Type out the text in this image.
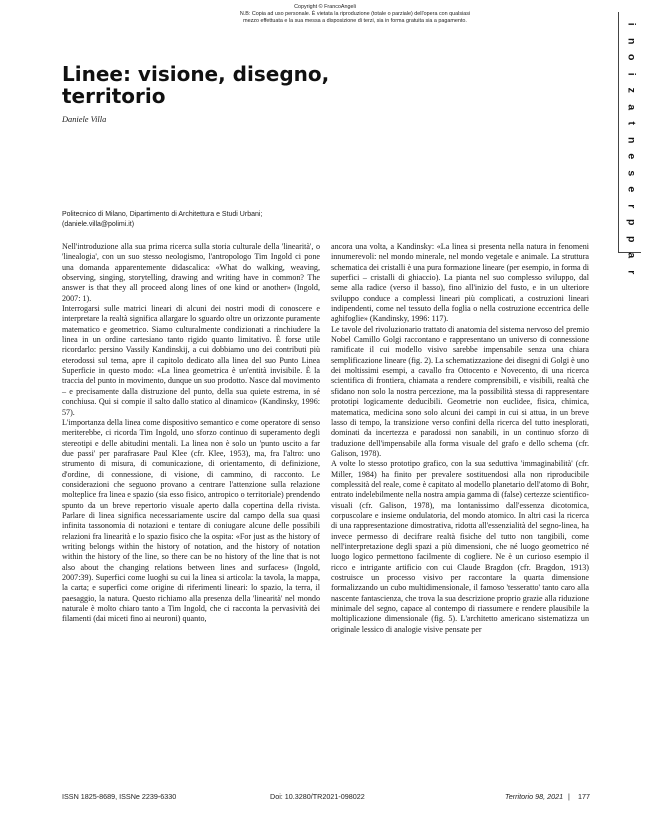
Copyright © FrancoAngeli
N.B: Copia ad uso personale. È vietata la riproduzione (totale o parziale) dell'opera con qualsiasi
mezzo effettuata e la sua messa a disposizione di terzi, sia in forma gratuita sia a pagamento.
i
n
o
i
z
a
t
n
e
s
e
r
p
p
a
r
Linee: visione, disegno, territorio
Daniele Villa
Politecnico di Milano, Dipartimento di Architettura e Studi Urbani;
(daniele.villa@polimi.it)

Nell'introduzione alla sua prima ricerca sulla storia culturale della 'linearità', o 'linealogia', con un suo stesso neologismo, l'antropologo Tim Ingold ci pone una domanda apparentemente didascalica: «What do walking, weaving, observing, singing, storytelling, drawing and writing have in common? The answer is that they all proceed along lines of one kind or another» (Ingold, 2007: 1).

Interrogarsi sulle matrici lineari di alcuni dei nostri modi di conoscere e interpretare la realtà significa allargare lo sguardo oltre un orizzonte puramente matematico e geometrico. Siamo culturalmente condizionati a rinchiudere la linea in un ordine cartesiano tanto rigido quanto limitativo. È forse utile ricordarlo: persino Vassily Kandinskij, a cui dobbiamo uno dei contributi più eterodossi sul tema, apre il capitolo dedicato alla linea del suo Punto Linea Superficie in questo modo: «La linea geometrica è un'entità invisibile. È la traccia del punto in movimento, dunque un suo prodotto. Nasce dal movimento – e precisamente dalla distruzione del punto, della sua quiete estrema, in sé conchiusa. Qui si compie il salto dallo statico al dinamico» (Kandinsky, 1996: 57).

L'importanza della linea come dispositivo semantico e come operatore di senso meriterebbe, ci ricorda Tim Ingold, uno sforzo continuo di superamento degli stereotipi e delle abitudini mentali. La linea non è solo un 'punto uscito a far due passi' per parafrasare Paul Klee (cfr. Klee, 1953), ma, fra l'altro: uno strumento di misura, di comunicazione, di orientamento, di definizione, d'ordine, di connessione, di visione, di cammino, di racconto. Le considerazioni che seguono provano a centrare l'attenzione sulla relazione molteplice fra linea e spazio (sia esso fisico, antropico o territoriale) prendendo spunto da un breve repertorio visuale aperto dalla copertina della rivista. Parlare di linea significa necessariamente uscire dal campo della sua quasi infinita tassonomia di notazioni e tentare di coniugare alcune delle possibili relazioni fra linearità e lo spazio fisico che la ospita: «For just as the history of writing belongs within the history of notation, and the history of notation within the history of the line, so there can be no history of the line that is not also about the changing relations between lines and surfaces» (Ingold, 2007:39). Superfici come luoghi su cui la linea si articola: la tavola, la mappa, la carta; e superfici come origine di riferimenti lineari: lo spazio, la terra, il paesaggio, la natura. Questo richiamo alla presenza della 'linearità' nel mondo naturale è molto chiaro tanto a Tim Ingold, che ci racconta la pervasività dei filamenti (dai miceti fino ai neuroni) quanto,

ancora una volta, a Kandinsky: «La linea si presenta nella natura in fenomeni innumerevoli: nel mondo minerale, nel mondo vegetale e animale. La struttura schematica dei cristalli è una pura formazione lineare (per esempio, in forma di superfici – cristalli di ghiaccio). La pianta nel suo complesso sviluppo, dal seme alla radice (verso il basso), fino all'inizio del fusto, e in un ulteriore sviluppo conduce a complessi lineari più complicati, a costruzioni lineari indipendenti, come nel tessuto della foglia o nella costruzione eccentrica delle aghifoglie» (Kandinsky, 1996: 117).

Le tavole del rivoluzionario trattato di anatomia del sistema nervoso del premio Nobel Camillo Golgi raccontano e rappresentano un universo di connessione ramificate il cui modello visivo sarebbe impensabile senza una chiara semplificazione lineare (fig. 2). La schematizzazione dei disegni di Golgi è uno dei moltissimi esempi, a cavallo fra Ottocento e Novecento, di una ricerca scientifica di frontiera, chiamata a rendere comprensibili, e visibili, realtà che sfidano non solo la nostra percezione, ma la possibilità stessa di rappresentare prototipi logicamente deducibili. Geometrie non euclidee, fisica, chimica, matematica, medicina sono solo alcuni dei campi in cui si attua, in un breve lasso di tempo, la transizione verso confini della ricerca del tutto inesplorati, dominati da incertezza e paradossi non sanabili, in un continuo sforzo di traduzione dell'impensabile alla forma visuale del grafo e dello schema (cfr. Galison, 1978).

A volte lo stesso prototipo grafico, con la sua seduttiva 'immaginabilità' (cfr. Miller, 1984) ha finito per prevalere sostituendosi alla non riproducibile complessità del reale, come è capitato al modello planetario dell'atomo di Bohr, entrato indelebilmente nella nostra ampia gamma di (false) certezze scientifico-visuali (cfr. Galison, 1978), ma lontanissimo dall'essenza dicotomica, corpuscolare e insieme ondulatoria, del mondo atomico. In altri casi la ricerca di una rappresentazione dimostrativa, ridotta all'essenzialità del segno-linea, ha invece permesso di decifrare realtà fisiche del tutto non tangibili, come nell'interpretazione degli spazi a più dimensioni, che né luogo geometrico né luogo logico permettono facilmente di cogliere. Ne è un curioso esempio il ricco e intrigante artificio con cui Claude Bragdon (cfr. Bragdon, 1913) costruisce un processo visivo per raccontare la quarta dimensione formalizzando un cubo multidimensionale, il famoso 'tesseratto' tanto caro alla nascente fantascienza, che trova la sua descrizione proprio grazie alla riduzione minimale del segno, capace al contempo di riassumere e rendere plausibile la moltiplicazione dimensionale (fig. 5). L'architetto americano sistematizza un originale lessico di analogie visive pensate per

ISSN 1825-8689, ISSNe 2239-6330	Doi: 10.3280/TR2021-098022	Territorio 98, 2021 | 177
